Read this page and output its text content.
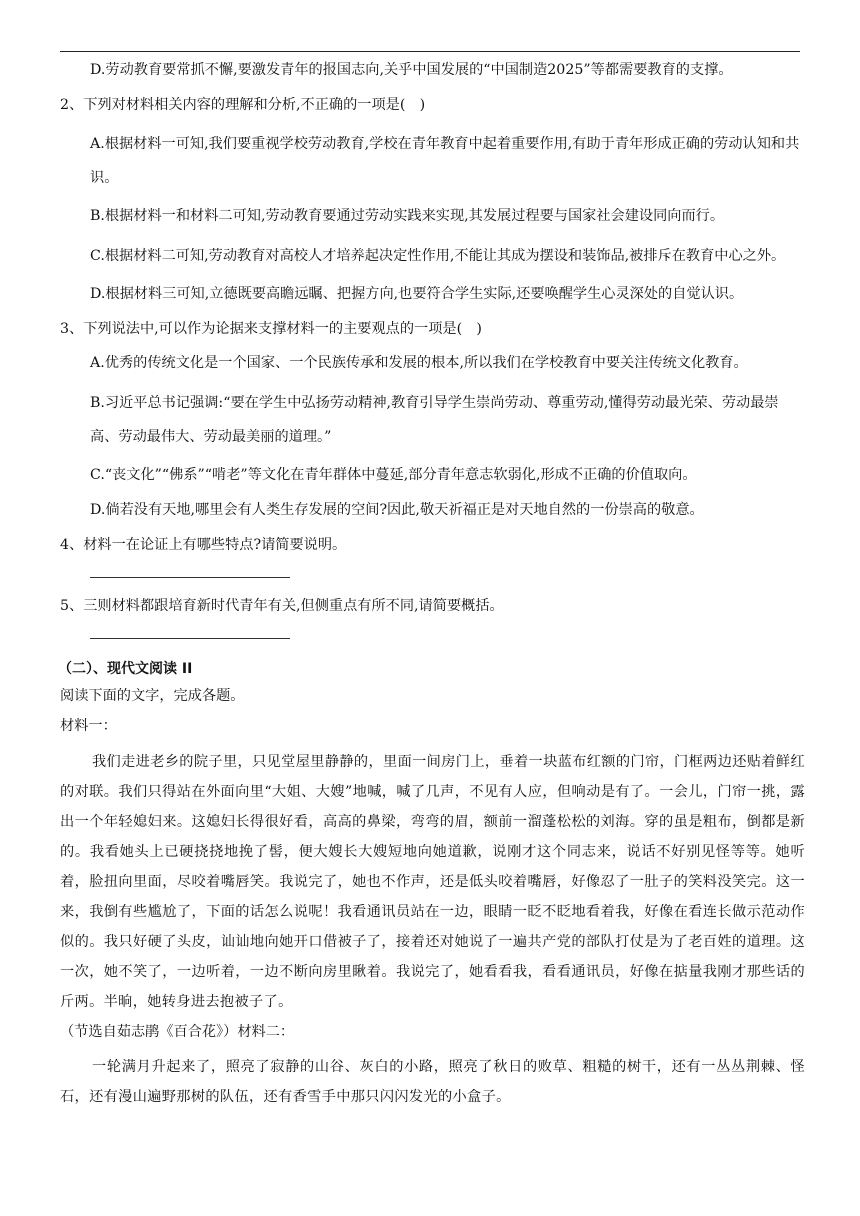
D.劳动教育要常抓不懈,要激发青年的报国志向,关乎中国发展的“中国制造2025”等都需要教育的支撑。
2、下列对材料相关内容的理解和分析,不正确的一项是(　)
A.根据材料一可知,我们要重视学校劳动教育,学校在青年教育中起着重要作用,有助于青年形成正确的劳动认知和共识。
B.根据材料一和材料二可知,劳动教育要通过劳动实践来实现,其发展过程要与国家社会建设同向而行。
C.根据材料二可知,劳动教育对高校人才培养起决定性作用,不能让其成为摆设和装饰品,被排斥在教育中心之外。
D.根据材料三可知,立德既要高瞻远瞩、把握方向,也要符合学生实际,还要唤醒学生心灵深处的自觉认识。
3、下列说法中,可以作为论据来支撑材料一的主要观点的一项是(　)
A.优秀的传统文化是一个国家、一个民族传承和发展的根本,所以我们在学校教育中要关注传统文化教育。
B.习近平总书记强调:“要在学生中弘扬劳动精神,教育引导学生崇尚劳动、尊重劳动,懂得劳动最光荣、劳动最崇高、劳动最伟大、劳动最美丽的道理。”
C.“丧文化”“佛系”“啃老”等文化在青年群体中蔓延,部分青年意志软弱化,形成不正确的价值取向。
D.倘若没有天地,哪里会有人类生存发展的空间?因此,敬天祈福正是对天地自然的一份崇高的敬意。
4、材料一在论证上有哪些特点?请简要说明。
5、三则材料都跟培育新时代青年有关,但侧重点有所不同,请简要概括。
（二）、现代文阅读 II
阅读下面的文字，完成各题。
材料一：
我们走进老乡的院子里，只见堂屋里静静的，里面一间房门上，垂着一块蓝布红额的门帘，门框两边还贴着鲜红的对联。我们只得站在外面向里“大姐、大嫂”地喊，喊了几声，不见有人应，但响动是有了。一会儿，门帘一挑，露出一个年轻媳妇来。这媳妇长得很好看，高高的鼻梁，弯弯的眉，额前一溜蓬松松的刘海。穿的虽是粗布，倒都是新的。我看她头上已硬挠挠地挽了髻，便大嫂长大嫂短地向她道歉，说刚才这个同志来，说话不好别见怪等等。她听着，脸扭向里面，尽咬着嘴唇笑。我说完了，她也不作声，还是低头咬着嘴唇，好像忍了一肚子的笑料没笑完。这一来，我倒有些尴尬了，下面的话怎么说呢！我看通讯员站在一边，眼睛一眨不眨地看着我，好像在看连长做示范动作似的。我只好硬了头皮，讪讪地向她开口借被子了，接着还对她说了一遍共产党的部队打仗是为了老百姓的道理。这一次，她不笑了，一边听着，一边不断向房里瞅着。我说完了，她看看我，看看通讯员，好像在掂量我刚才那些话的斤两。半晌，她转身进去抱被子了。
（节选自茹志鹃《百合花》）材料二：
一轮满月升起来了，照亮了寂静的山谷、灰白的小路，照亮了秋日的败草、粗糙的树干，还有一丛丛荆棘、怪石，还有漫山遍野那树的队伍，还有香雪手中那只闪闪发光的小盒子。
